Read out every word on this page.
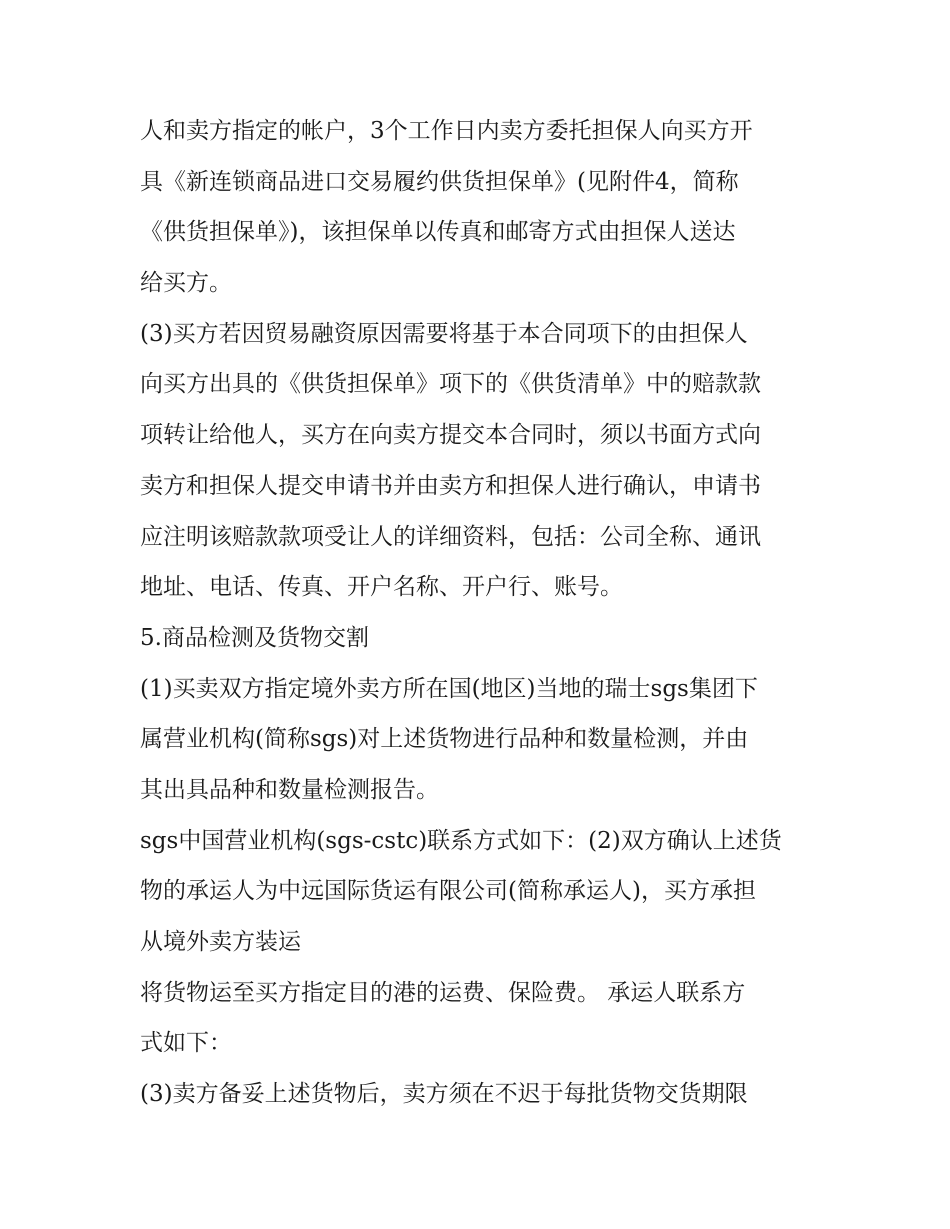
人和卖方指定的帐户，3个工作日内卖方委托担保人向买方开
具《新连锁商品进口交易履约供货担保单》(见附件4，简称
《供货担保单》)，该担保单以传真和邮寄方式由担保人送达
给买方。
(3)买方若因贸易融资原因需要将基于本合同项下的由担保人
向买方出具的《供货担保单》项下的《供货清单》中的赔款款
项转让给他人，买方在向卖方提交本合同时，须以书面方式向
卖方和担保人提交申请书并由卖方和担保人进行确认，申请书
应注明该赔款款项受让人的详细资料，包括：公司全称、通讯
地址、电话、传真、开户名称、开户行、账号。
5.商品检测及货物交割
(1)买卖双方指定境外卖方所在国(地区)当地的瑞士sgs集团下
属营业机构(简称sgs)对上述货物进行品种和数量检测，并由
其出具品种和数量检测报告。
sgs中国营业机构(sgs-cstc)联系方式如下：(2)双方确认上述货
物的承运人为中远国际货运有限公司(简称承运人)，买方承担
从境外卖方装运
将货物运至买方指定目的港的运费、保险费。 承运人联系方
式如下：
(3)卖方备妥上述货物后，卖方须在不迟于每批货物交货期限
